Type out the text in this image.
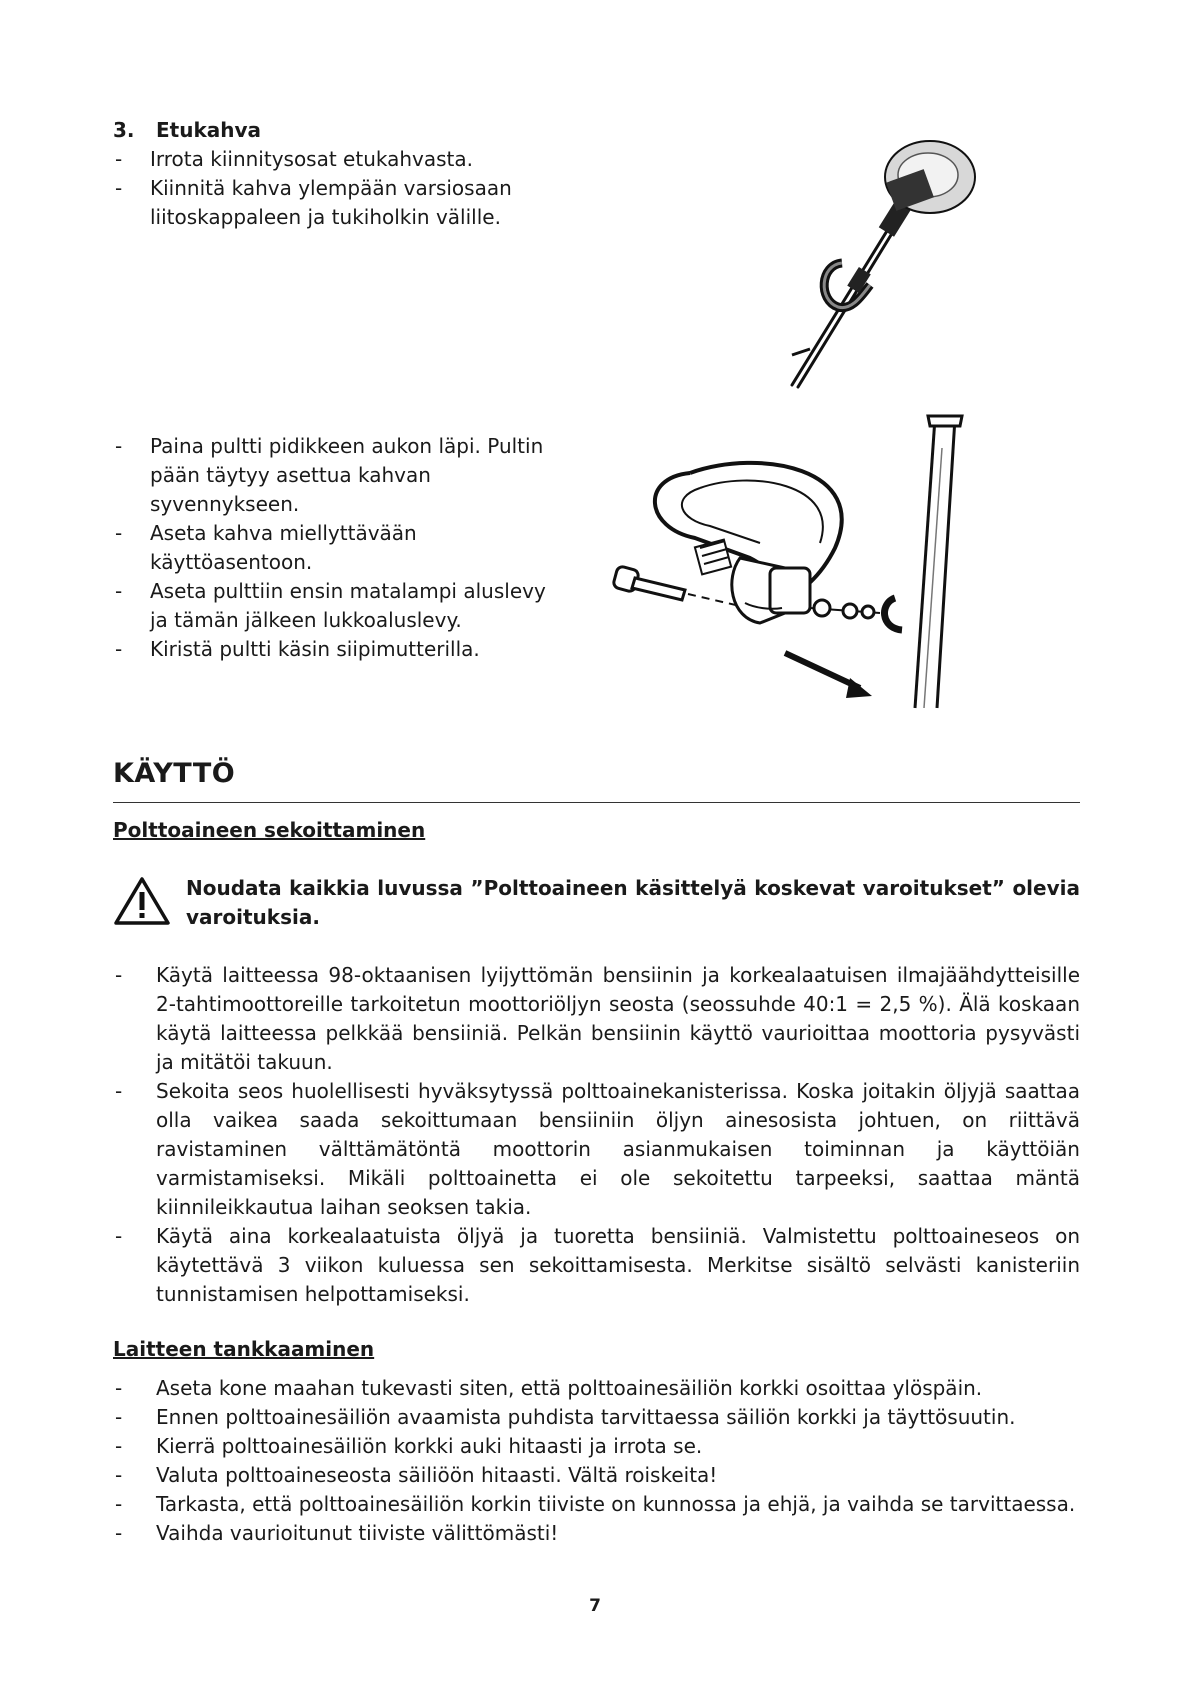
3. Etukahva
- Irrota kiinnitysosat etukahvasta.
- Kiinnitä kahva ylempään varsiosaan liitoskappaleen ja tukiholkin välille.
- Paina pultti pidikkeen aukon läpi. Pultin pään täytyy asettua kahvan syvennykseen.
- Aseta kahva miellyttävään käyttöasentoon.
- Aseta pulttiin ensin matalampi aluslevy ja tämän jälkeen lukkoaluslevy.
- Kiristä pultti käsin siipimutterilla.
KÄYTTÖ
Polttoaineen sekoittaminen
Noudata kaikkia luvussa ”Polttoaineen käsittelyä koskevat varoitukset” olevia varoituksia.
- Käytä laitteessa 98-oktaanisen lyijyttömän bensiinin ja korkealaatuisen ilmajäähdytteisille 2-tahtimoottoreille tarkoitetun moottoriöljyn seosta (seossuhde 40:1 = 2,5 %). Älä koskaan käytä laitteessa pelkkää bensiiniä. Pelkän bensiinin käyttö vaurioittaa moottoria pysyvästi ja mitätöi takuun.
- Sekoita seos huolellisesti hyväksytyssä polttoainekanisterissa. Koska joitakin öljyjä saattaa olla vaikea saada sekoittumaan bensiiniin öljyn ainesosista johtuen, on riittävä ravistaminen välttämätöntä moottorin asianmukaisen toiminnan ja käyttöiän varmistamiseksi. Mikäli polttoainetta ei ole sekoitettu tarpeeksi, saattaa mäntä kiinnileikkautua laihan seoksen takia.
- Käytä aina korkealaatuista öljyä ja tuoretta bensiiniä. Valmistettu polttoaineseos on käytettävä 3 viikon kuluessa sen sekoittamisesta. Merkitse sisältö selvästi kanisteriin tunnistamisen helpottamiseksi.
Laitteen tankkaaminen
- Aseta kone maahan tukevasti siten, että polttoainesäiliön korkki osoittaa ylöspäin.
- Ennen polttoainesäiliön avaamista puhdista tarvittaessa säiliön korkki ja täyttösuutin.
- Kierrä polttoainesäiliön korkki auki hitaasti ja irrota se.
- Valuta polttoaineseosta säiliöön hitaasti. Vältä roiskeita!
- Tarkasta, että polttoainesäiliön korkin tiiviste on kunnossa ja ehjä, ja vaihda se tarvittaessa.
- Vaihda vaurioitunut tiiviste välittömästi!
7
